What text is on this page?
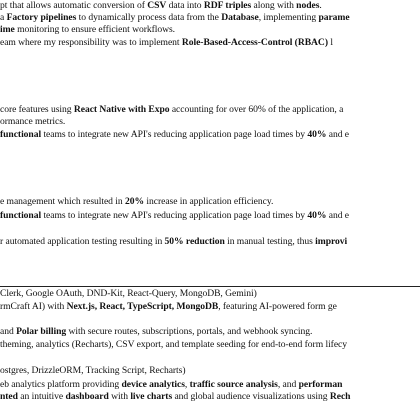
pt that allows automatic conversion of CSV data into RDF triples along with nodes.
a Factory pipelines to dynamically process data from the Database, implementing parame
ime monitoring to ensure efficient workflows.
eam where my responsibility was to implement Role-Based-Access-Control (RBAC) l
core features using React Native with Expo accounting for over 60% of the application, a
ormance metrics.
functional teams to integrate new API's reducing application page load times by 40% and e
e management which resulted in 20% increase in application efficiency.
functional teams to integrate new API's reducing application page load times by 40% and e
r automated application testing resulting in 50% reduction in manual testing, thus improvi
Clerk, Google OAuth, DND-Kit, React-Query, MongoDB, Gemini)
rmCraft AI) with Next.js, React, TypeScript, MongoDB, featuring AI-powered form ge
and Polar billing with secure routes, subscriptions, portals, and webhook syncing.
theming, analytics (Recharts), CSV export, and template seeding for end-to-end form lifecy
ostgres, DrizzleORM, Tracking Script, Recharts)
eb analytics platform providing device analytics, traffic source analysis, and performan
nted an intuitive dashboard with live charts and global audience visualizations using Rech
